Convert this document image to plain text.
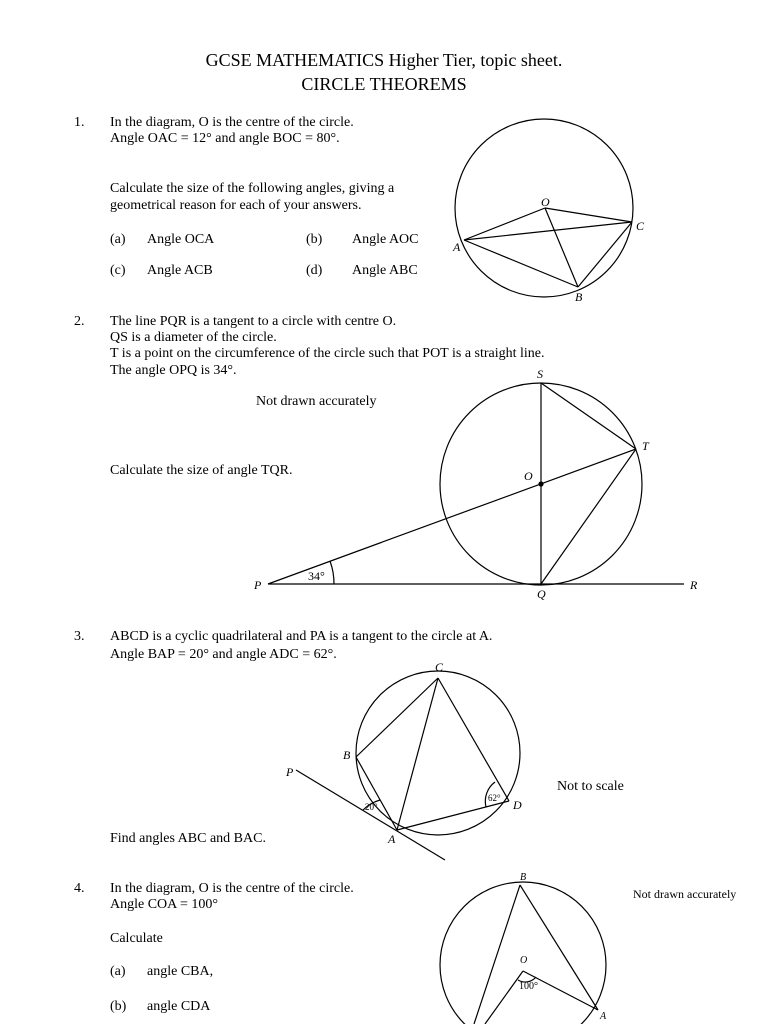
GCSE MATHEMATICS Higher Tier, topic sheet.
CIRCLE THEOREMS
1. In the diagram, O is the centre of the circle.
Angle OAC = 12° and angle BOC = 80°.
Calculate the size of the following angles, giving a
geometrical reason for each of your answers.
(a) Angle OCA	(b) Angle AOC
(c) Angle ACB	(d) Angle ABC
2. The line PQR is a tangent to a circle with centre O.
QS is a diameter of the circle.
T is a point on the circumference of the circle such that POT is a straight line.
The angle OPQ is 34°.
Not drawn accurately
Calculate the size of angle TQR.
3. ABCD is a cyclic quadrilateral and PA is a tangent to the circle at A.
Angle BAP = 20° and angle ADC = 62°.
Not to scale
Find angles ABC and BAC.
4. In the diagram, O is the centre of the circle.
Angle COA = 100°
Calculate
(a) angle CBA,
(b) angle CDA
Not drawn accurately
O
A
B
C
P
Q
R
S
T
O
34°
C
B
P
D
A
20°
62°
B
O
A
100°
